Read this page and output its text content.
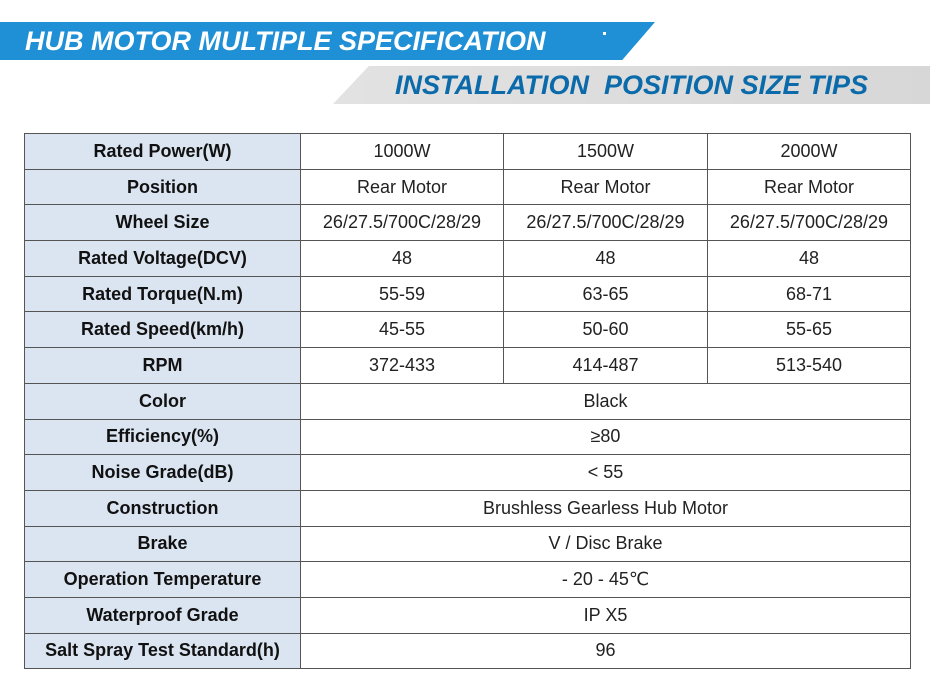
HUB MOTOR MULTIPLE SPECIFICATION
INSTALLATION  POSITION SIZE TIPS
Rated Power(W)	1000W	1500W	2000W
Position	Rear Motor	Rear Motor	Rear Motor
Wheel Size	26/27.5/700C/28/29	26/27.5/700C/28/29	26/27.5/700C/28/29
Rated Voltage(DCV)	48	48	48
Rated Torque(N.m)	55-59	63-65	68-71
Rated Speed(km/h)	45-55	50-60	55-65
RPM	372-433	414-487	513-540
Color	Black		
Efficiency(%)	≥80		
Noise Grade(dB)	< 55		
Construction	Brushless Gearless Hub Motor		
Brake	V / Disc Brake		
Operation Temperature	- 20 - 45℃		
Waterproof Grade	IP X5		
Salt Spray Test Standard(h)	96		
